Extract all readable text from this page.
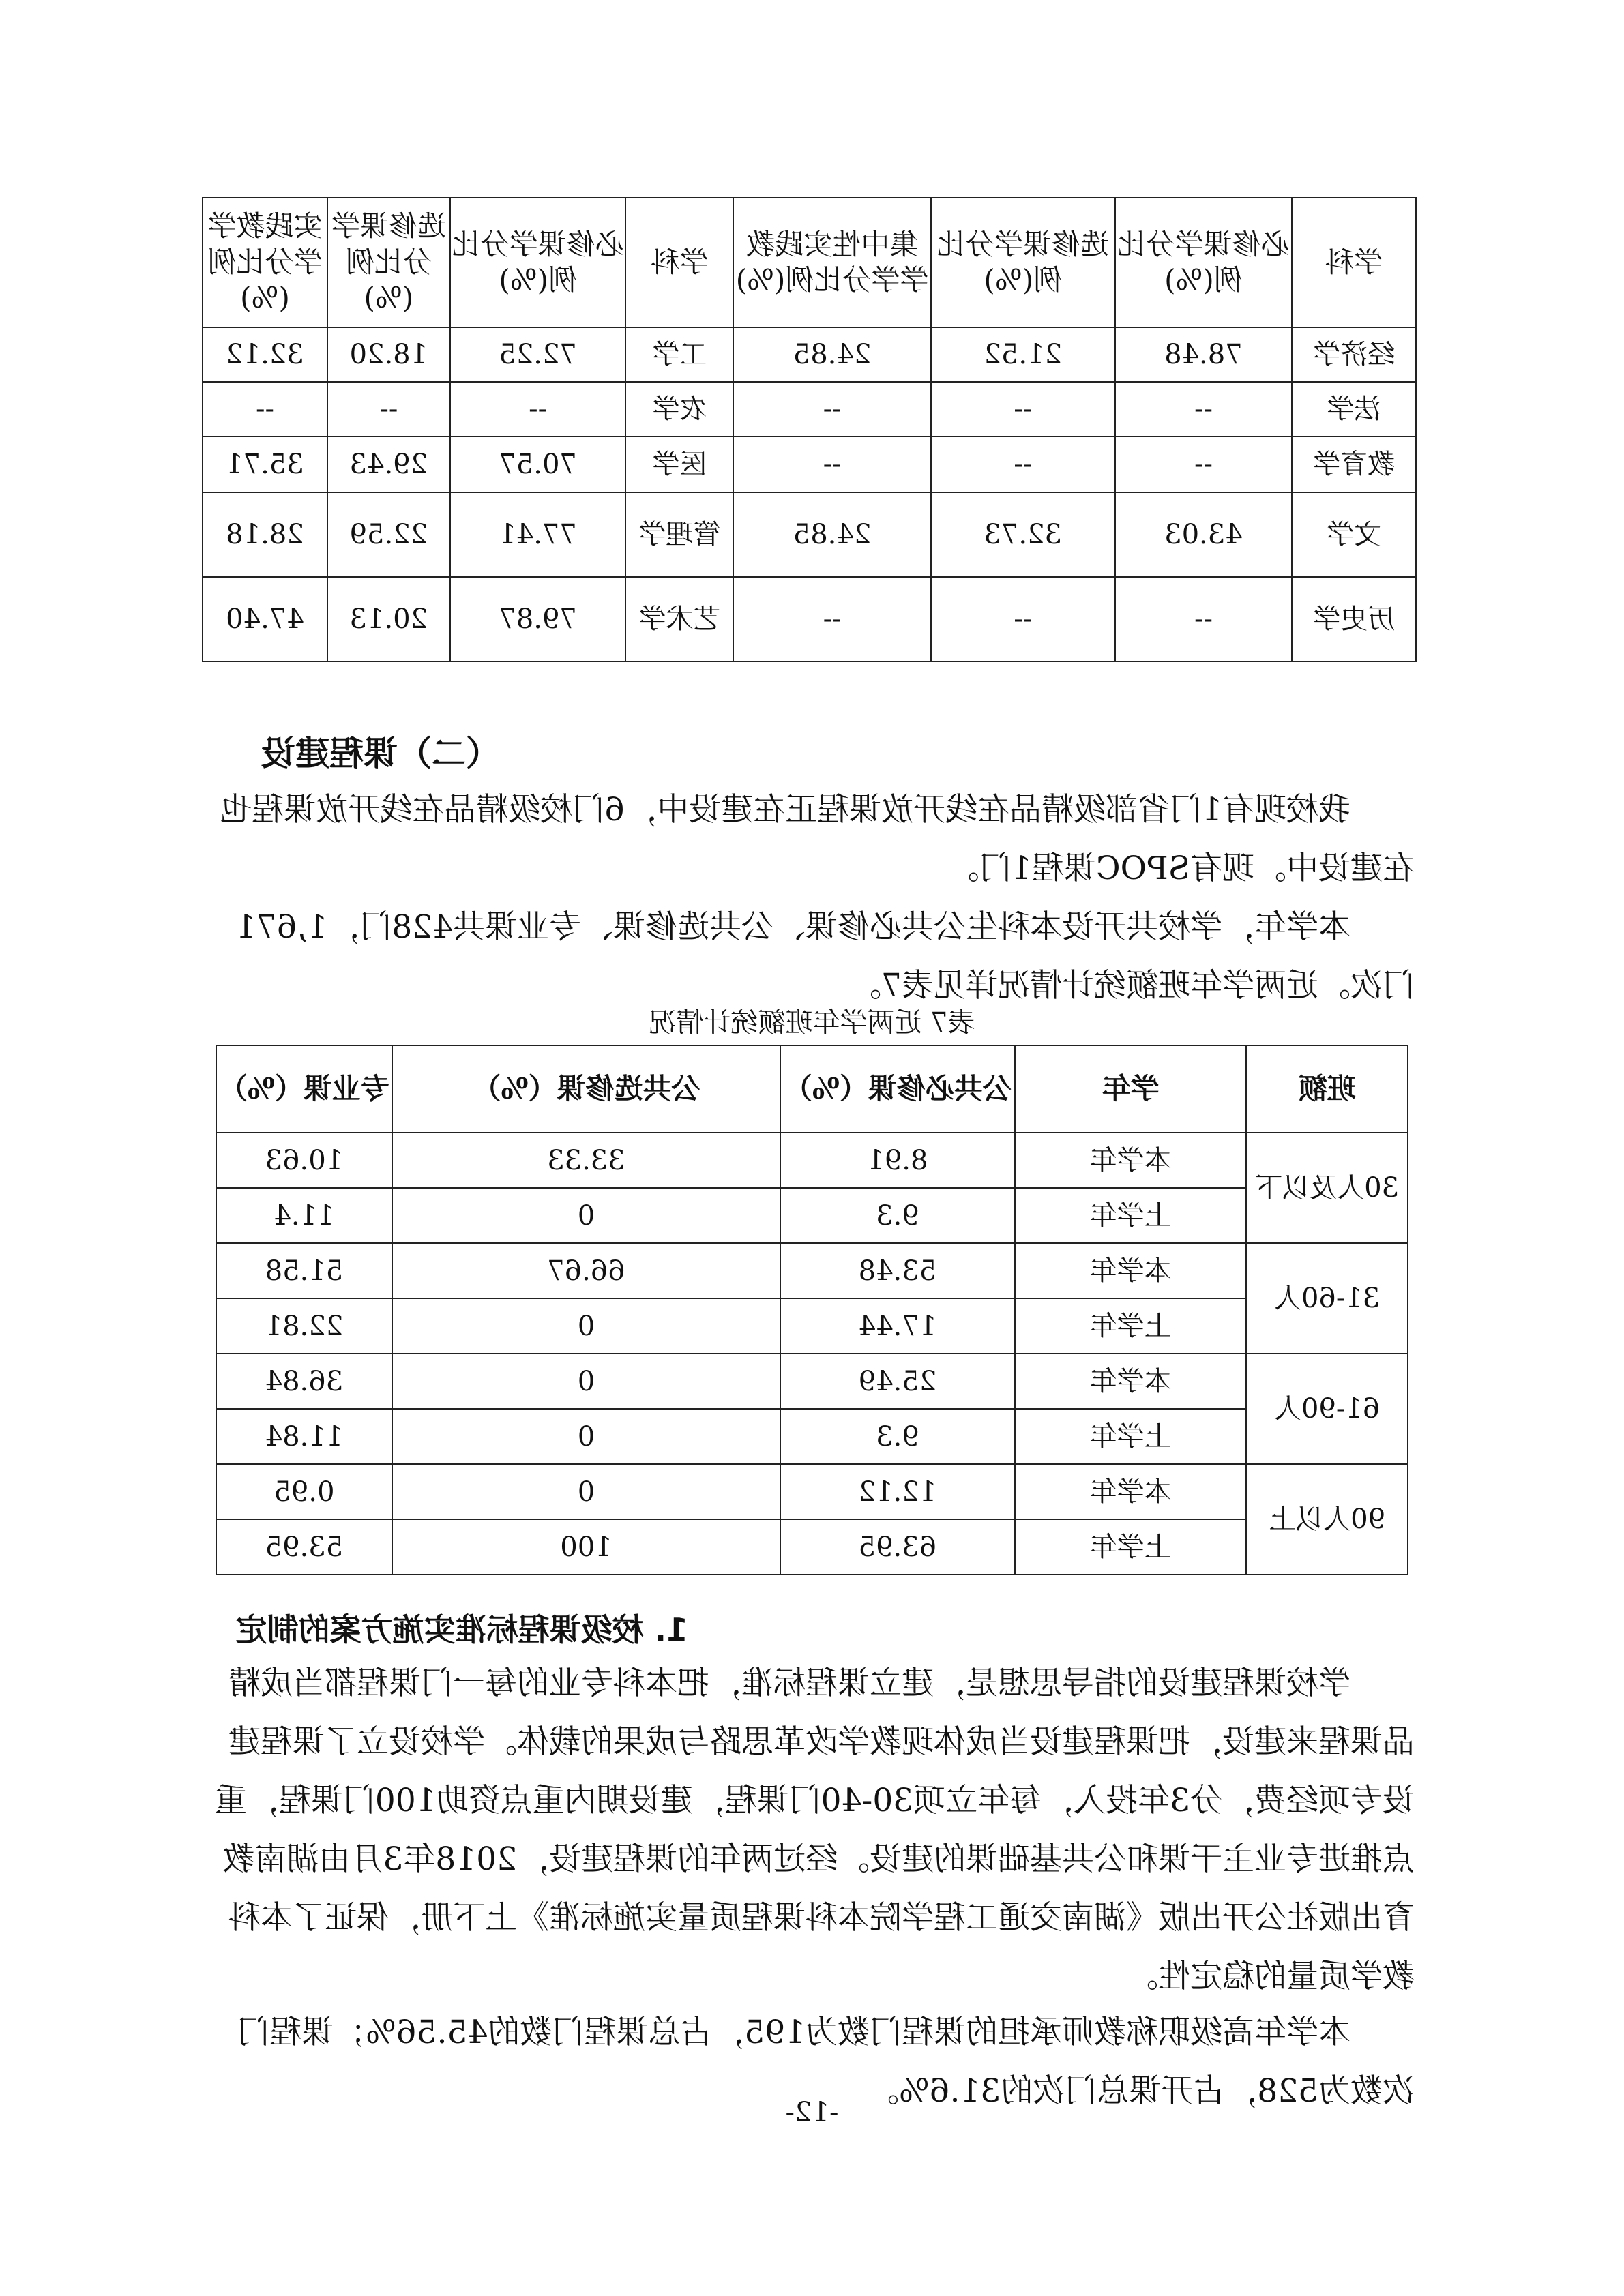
学科	必修课学分比例(%)	选修课学分比例(%)	集中性实践教学学分比例(%)	学科	必修课学分比例(%)	选修课学分比例(%)	实践教学学分比例(%)
经济学	78.48	21.52	24.85	工学	72.25	18.20	32.12
法学	--	--	--	农学	--	--	--
教育学	--	--	--	医学	70.57	29.43	35.71
文学	43.03	32.73	24.85	管理学	77.41	22.59	28.18
历史学	--	--	--	艺术学	79.87	20.13	47.40
（二）课程建设

我校现有1门省部级精品在线开放课程正在建设中，6门校级精品在线开放课程也在建设中。现有SPOC课程1门。

本学年，学校共开设本科生公共必修课、公共选修课、专业课共428门，1,671门次。近两学年班额统计情况详见表7。

表7 近两学年班额统计情况
班额	学年	公共必修课（%）	公共选修课（%）	专业课（%）
30人及以下	本学年	8.91	33.33	10.63
	上学年	9.3	0	11.4
31-60人	本学年	53.48	66.67	51.58
	上学年	17.44	0	22.81
61-90人	本学年	25.49	0	36.84
	上学年	9.3	0	11.84
90人以上	本学年	12.12	0	0.95
	上学年	63.95	100	53.95
1. 校级课程标准实施方案的制定

学校课程建设的指导思想是，建立课程标准，把本科专业的每一门课程都当成精品课程来建设，把课程建设当成体现教学改革思路与成果的载体。学校设立了课程建设专项经费，分3年投入，每年立项30-40门课程，建设期内重点资助100门课程，重点推进专业主干课和公共基础课的建设。经过两年的课程建设，2018年3月由湖南教育出版社公开出版《湖南交通工程学院本科课程质量实施标准》上下册，保证了本科教学质量的稳定性。

本学年高级职称教师承担的课程门数为195，占总课程门数的45.56%；课程门次数为528，占开课总门次的31.6%。

-12-
